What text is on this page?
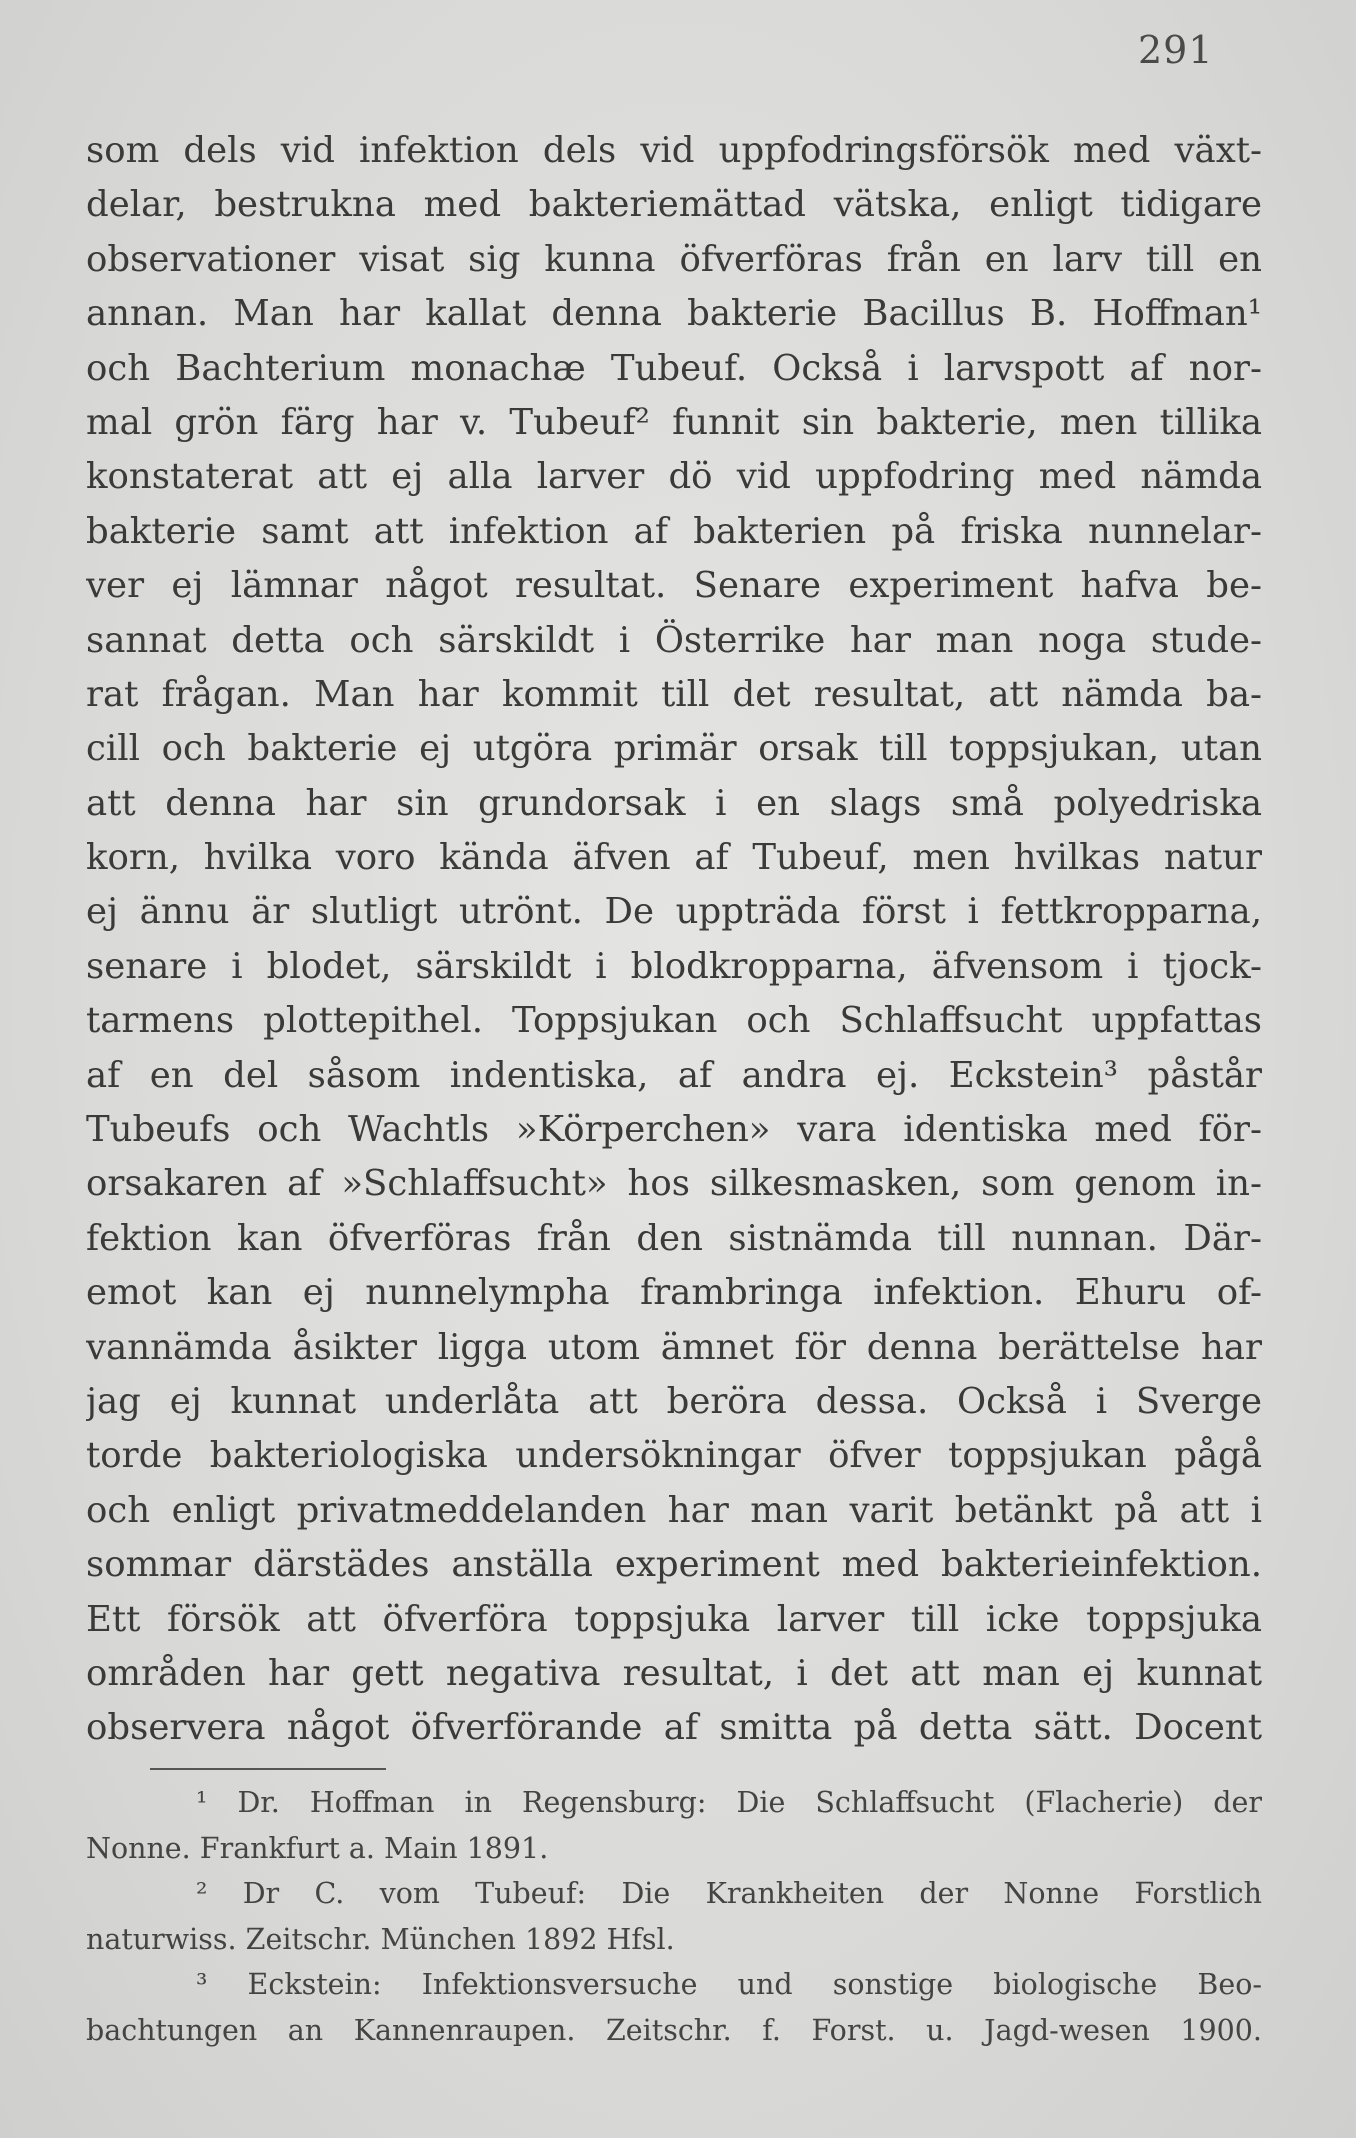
291
som dels vid infektion dels vid uppfodringsförsök med växt-
delar, bestrukna med bakteriemättad vätska, enligt tidigare
observationer visat sig kunna öfverföras från en larv till en
annan. Man har kallat denna bakterie Bacillus B. Hoffman¹
och Bachterium monachæ Tubeuf. Också i larvspott af nor-
mal grön färg har v. Tubeuf² funnit sin bakterie, men tillika
konstaterat att ej alla larver dö vid uppfodring med nämda
bakterie samt att infektion af bakterien på friska nunnelar-
ver ej lämnar något resultat. Senare experiment hafva be-
sannat detta och särskildt i Österrike har man noga stude-
rat frågan. Man har kommit till det resultat, att nämda ba-
cill och bakterie ej utgöra primär orsak till toppsjukan, utan
att denna har sin grundorsak i en slags små polyedriska
korn, hvilka voro kända äfven af Tubeuf, men hvilkas natur
ej ännu är slutligt utrönt. De uppträda först i fettkropparna,
senare i blodet, särskildt i blodkropparna, äfvensom i tjock-
tarmens plottepithel. Toppsjukan och Schlaffsucht uppfattas
af en del såsom indentiska, af andra ej. Eckstein³ påstår
Tubeufs och Wachtls »Körperchen» vara identiska med för-
orsakaren af »Schlaffsucht» hos silkesmasken, som genom in-
fektion kan öfverföras från den sistnämda till nunnan. Där-
emot kan ej nunnelympha frambringa infektion. Ehuru of-
vannämda åsikter ligga utom ämnet för denna berättelse har
jag ej kunnat underlåta att beröra dessa. Också i Sverge
torde bakteriologiska undersökningar öfver toppsjukan pågå
och enligt privatmeddelanden har man varit betänkt på att i
sommar därstädes anställa experiment med bakterieinfektion.
Ett försök att öfverföra toppsjuka larver till icke toppsjuka
områden har gett negativa resultat, i det att man ej kunnat
observera något öfverförande af smitta på detta sätt. Docent
¹ Dr. Hoffman in Regensburg: Die Schlaffsucht (Flacherie) der
Nonne. Frankfurt a. Main 1891.
² Dr C. vom Tubeuf: Die Krankheiten der Nonne Forstlich
naturwiss. Zeitschr. München 1892 Hfsl.
³ Eckstein: Infektionsversuche und sonstige biologische Beo-
bachtungen an Kannenraupen. Zeitschr. f. Forst. u. Jagd-wesen 1900.
